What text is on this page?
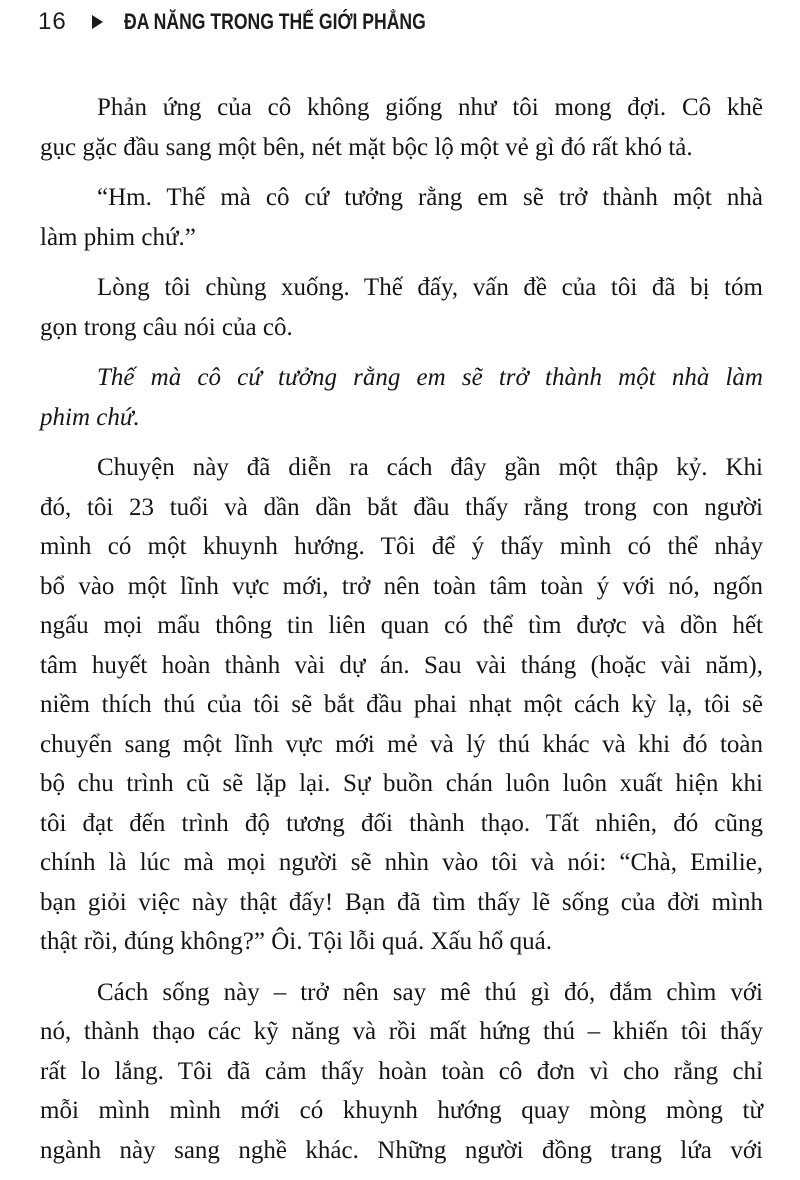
16	ĐA NĂNG TRONG THẾ GIỚI PHẲNG

Phản ứng của cô không giống như tôi mong đợi. Cô khẽ
gục gặc đầu sang một bên, nét mặt bộc lộ một vẻ gì đó rất khó tả.

“Hm. Thế mà cô cứ tưởng rằng em sẽ trở thành một nhà
làm phim chứ.”

Lòng tôi chùng xuống. Thế đấy, vấn đề của tôi đã bị tóm
gọn trong câu nói của cô.

Thế mà cô cứ tưởng rằng em sẽ trở thành một nhà làm
phim chứ.

Chuyện này đã diễn ra cách đây gần một thập kỷ. Khi
đó, tôi 23 tuổi và dần dần bắt đầu thấy rằng trong con người
mình có một khuynh hướng. Tôi để ý thấy mình có thể nhảy
bổ vào một lĩnh vực mới, trở nên toàn tâm toàn ý với nó, ngốn
ngấu mọi mẩu thông tin liên quan có thể tìm được và dồn hết
tâm huyết hoàn thành vài dự án. Sau vài tháng (hoặc vài năm),
niềm thích thú của tôi sẽ bắt đầu phai nhạt một cách kỳ lạ, tôi sẽ
chuyển sang một lĩnh vực mới mẻ và lý thú khác và khi đó toàn
bộ chu trình cũ sẽ lặp lại. Sự buồn chán luôn luôn xuất hiện khi
tôi đạt đến trình độ tương đối thành thạo. Tất nhiên, đó cũng
chính là lúc mà mọi người sẽ nhìn vào tôi và nói: “Chà, Emilie,
bạn giỏi việc này thật đấy! Bạn đã tìm thấy lẽ sống của đời mình
thật rồi, đúng không?” Ôi. Tội lỗi quá. Xấu hổ quá.

Cách sống này – trở nên say mê thú gì đó, đắm chìm với
nó, thành thạo các kỹ năng và rồi mất hứng thú – khiến tôi thấy
rất lo lắng. Tôi đã cảm thấy hoàn toàn cô đơn vì cho rằng chỉ
mỗi mình mình mới có khuynh hướng quay mòng mòng từ
ngành này sang nghề khác. Những người đồng trang lứa với
